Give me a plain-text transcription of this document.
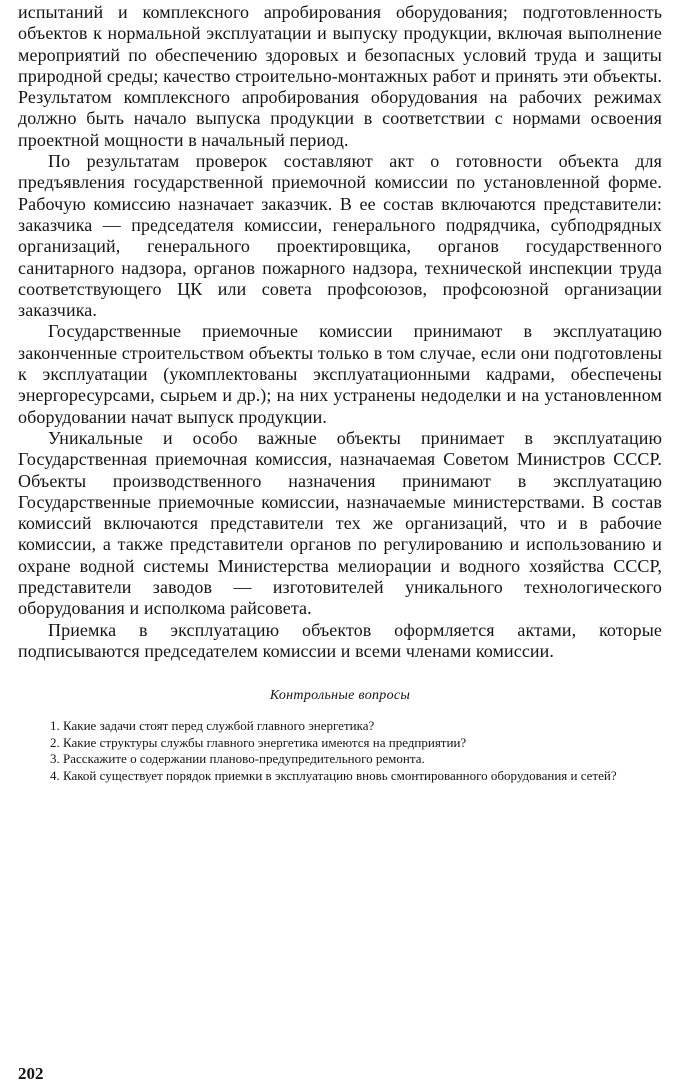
испытаний и комплексного апробирования оборудования; подготовленность объектов к нормальной эксплуатации и выпуску продукции, включая выполнение мероприятий по обеспечению здоровых и безопасных условий труда и защиты природной среды; качество строительно-монтажных работ и принять эти объекты. Результатом комплексного апробирования оборудования на рабочих режимах должно быть начало выпуска продукции в соответствии с нормами освоения проектной мощности в начальный период.

По результатам проверок составляют акт о готовности объекта для предъявления государственной приемочной комиссии по установленной форме. Рабочую комиссию назначает заказчик. В ее состав включаются представители: заказчика — председателя комиссии, генерального подрядчика, субподрядных организаций, генерального проектировщика, органов государственного санитарного надзора, органов пожарного надзора, технической инспекции труда соответствующего ЦК или совета профсоюзов, профсоюзной организации заказчика.

Государственные приемочные комиссии принимают в эксплуатацию законченные строительством объекты только в том случае, если они подготовлены к эксплуатации (укомплектованы эксплуатационными кадрами, обеспечены энергоресурсами, сырьем и др.); на них устранены недоделки и на установленном оборудовании начат выпуск продукции.

Уникальные и особо важные объекты принимает в эксплуатацию Государственная приемочная комиссия, назначаемая Советом Министров СССР. Объекты производственного назначения принимают в эксплуатацию Государственные приемочные комиссии, назначаемые министерствами. В состав комиссий включаются представители тех же организаций, что и в рабочие комиссии, а также представители органов по регулированию и использованию и охране водной системы Министерства мелиорации и водного хозяйства СССР, представители заводов — изготовителей уникального технологического оборудования и исполкома райсовета.

Приемка в эксплуатацию объектов оформляется актами, которые подписываются председателем комиссии и всеми членами комиссии.

Контрольные вопросы
1. Какие задачи стоят перед службой главного энергетика?
2. Какие структуры службы главного энергетика имеются на предприятии?
3. Расскажите о содержании планово-предупредительного ремонта.
4. Какой существует порядок приемки в эксплуатацию вновь смонтированного оборудования и сетей?
202
